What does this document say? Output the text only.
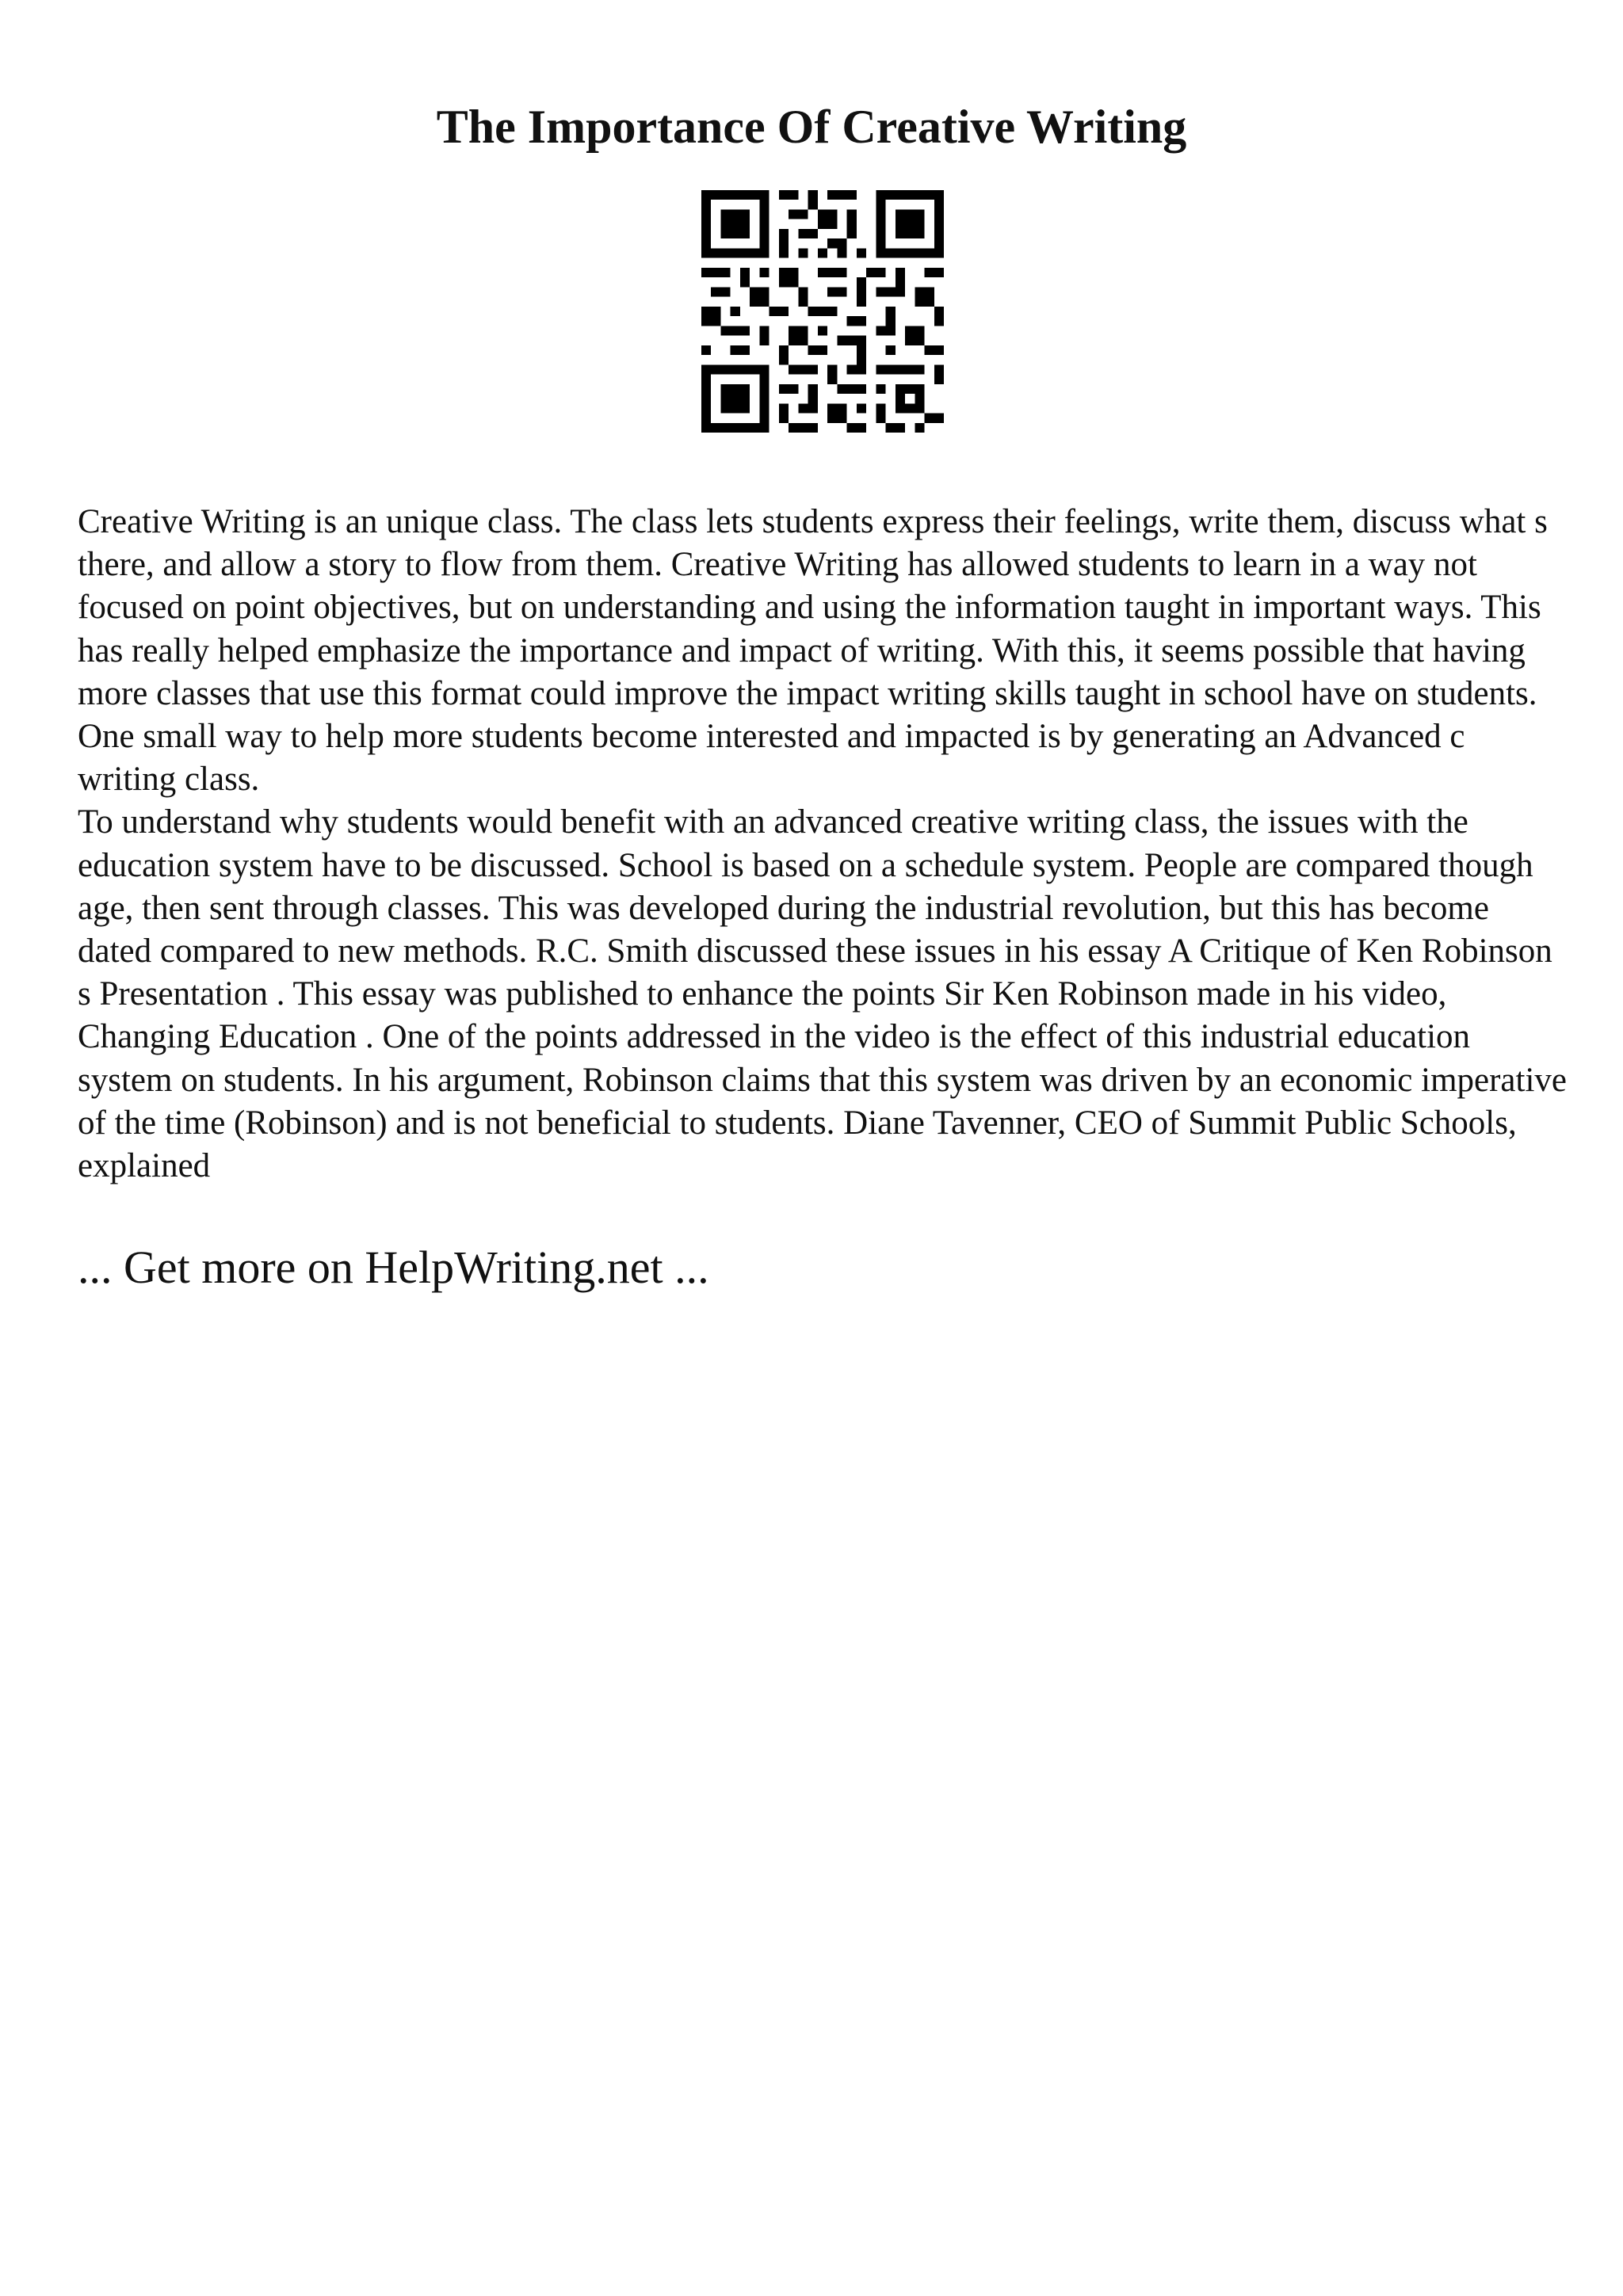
The Importance Of Creative Writing

Creative Writing is an unique class. The class lets students express their feelings, write them, discuss what s there, and allow a story to flow from them. Creative Writing has allowed students to learn in a way not focused on point objectives, but on understanding and using the information taught in important ways. This has really helped emphasize the importance and impact of writing. With this, it seems possible that having more classes that use this format could improve the impact writing skills taught in school have on students. One small way to help more students become interested and impacted is by generating an Advanced c writing class.

To understand why students would benefit with an advanced creative writing class, the issues with the education system have to be discussed. School is based on a schedule system. People are compared though age, then sent through classes. This was developed during the industrial revolution, but this has become dated compared to new methods. R.C. Smith discussed these issues in his essay A Critique of Ken Robinson s Presentation . This essay was published to enhance the points Sir Ken Robinson made in his video, Changing Education . One of the points addressed in the video is the effect of this industrial education system on students. In his argument, Robinson claims that this system was driven by an economic imperative of the time (Robinson) and is not beneficial to students. Diane Tavenner, CEO of Summit Public Schools, explained

... Get more on HelpWriting.net ...
